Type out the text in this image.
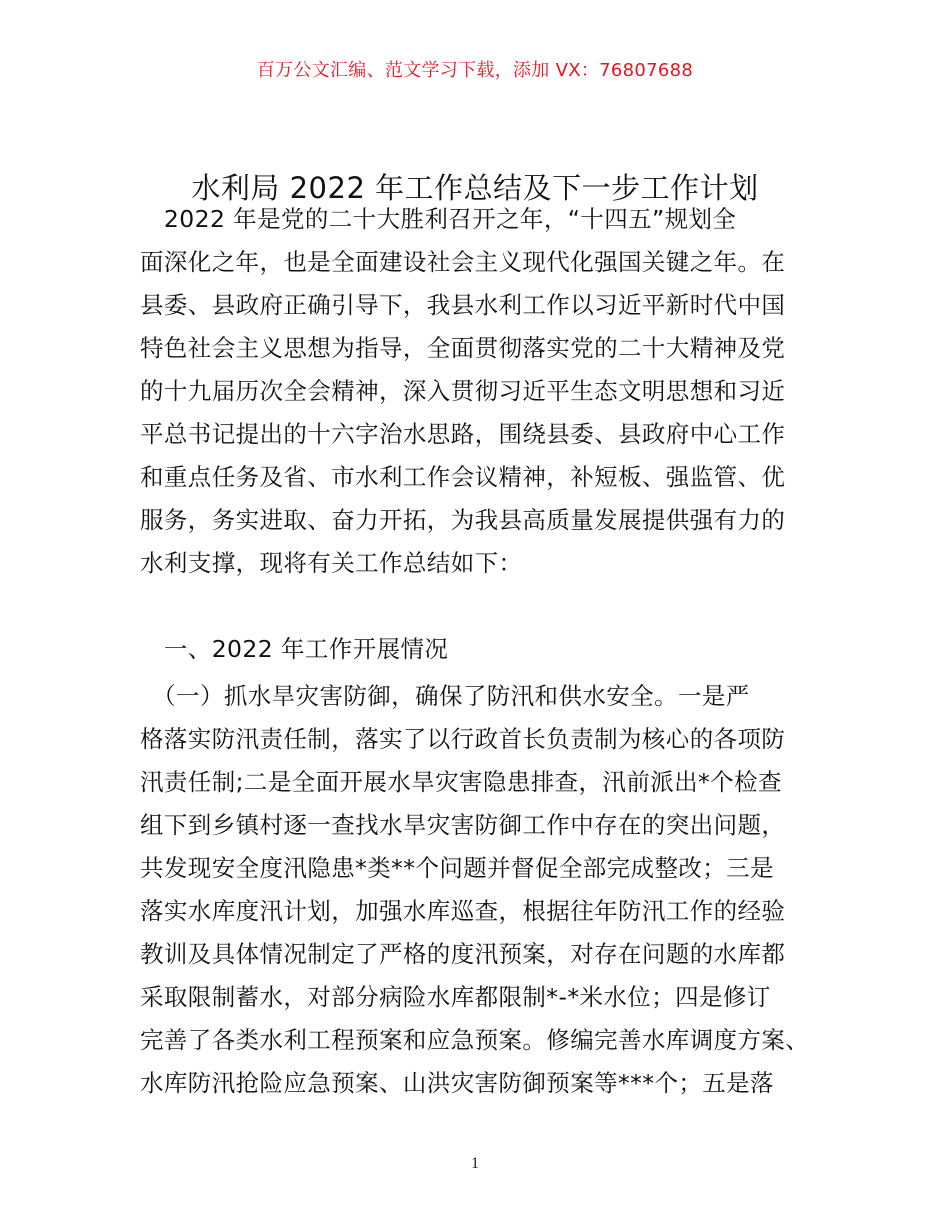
百万公文汇编、范文学习下载，添加 VX：76807688
水利局 2022 年工作总结及下一步工作计划
　2022 年是党的二十大胜利召开之年，“十四五”规划全
面深化之年，也是全面建设社会主义现代化强国关键之年。在
县委、县政府正确引导下，我县水利工作以习近平新时代中国
特色社会主义思想为指导，全面贯彻落实党的二十大精神及党
的十九届历次全会精神，深入贯彻习近平生态文明思想和习近
平总书记提出的十六字治水思路，围绕县委、县政府中心工作
和重点任务及省、市水利工作会议精神，补短板、强监管、优
服务，务实进取、奋力开拓，为我县高质量发展提供强有力的
水利支撑，现将有关工作总结如下：
　一、2022 年工作开展情况
　（一）抓水旱灾害防御，确保了防汛和供水安全。一是严
格落实防汛责任制，落实了以行政首长负责制为核心的各项防
汛责任制;二是全面开展水旱灾害隐患排查，汛前派出*个检查
组下到乡镇村逐一查找水旱灾害防御工作中存在的突出问题，
共发现安全度汛隐患*类**个问题并督促全部完成整改；三是
落实水库度汛计划，加强水库巡查，根据往年防汛工作的经验
教训及具体情况制定了严格的度汛预案，对存在问题的水库都
采取限制蓄水，对部分病险水库都限制*-*米水位；四是修订
完善了各类水利工程预案和应急预案。修编完善水库调度方案、
水库防汛抢险应急预案、山洪灾害防御预案等***个；五是落
1
